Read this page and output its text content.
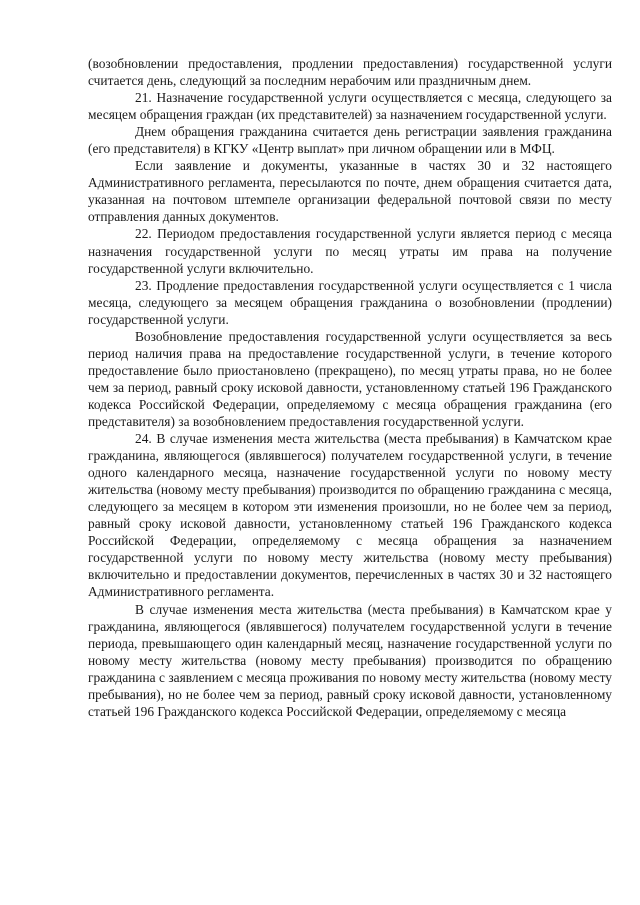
(возобновлении предоставления, продлении предоставления) государственной услуги считается день, следующий за последним нерабочим или праздничным днем.

21. Назначение государственной услуги осуществляется с месяца, следующего за месяцем обращения граждан (их представителей) за назначением государственной услуги.

Днем обращения гражданина считается день регистрации заявления гражданина (его представителя) в КГКУ «Центр выплат» при личном обращении или в МФЦ.

Если заявление и документы, указанные в частях 30 и 32 настоящего Административного регламента, пересылаются по почте, днем обращения считается дата, указанная на почтовом штемпеле организации федеральной почтовой связи по месту отправления данных документов.

22. Периодом предоставления государственной услуги является период с месяца назначения государственной услуги по месяц утраты им права на получение государственной услуги включительно.

23. Продление предоставления государственной услуги осуществляется с 1 числа месяца, следующего за месяцем обращения гражданина о возобновлении (продлении) государственной услуги.

Возобновление предоставления государственной услуги осуществляется за весь период наличия права на предоставление государственной услуги, в течение которого предоставление было приостановлено (прекращено), по месяц утраты права, но не более чем за период, равный сроку исковой давности, установленному статьей 196 Гражданского кодекса Российской Федерации, определяемому с месяца обращения гражданина (его представителя) за возобновлением предоставления государственной услуги.

24. В случае изменения места жительства (места пребывания) в Камчатском крае гражданина, являющегося (являвшегося) получателем государственной услуги, в течение одного календарного месяца, назначение государственной услуги по новому месту жительства (новому месту пребывания) производится по обращению гражданина с месяца, следующего за месяцем в котором эти изменения произошли, но не более чем за период, равный сроку исковой давности, установленному статьей 196 Гражданского кодекса Российской Федерации, определяемому с месяца обращения за назначением государственной услуги по новому месту жительства (новому месту пребывания) включительно и предоставлении документов, перечисленных в частях 30 и 32 настоящего Административного регламента.

В случае изменения места жительства (места пребывания) в Камчатском крае у гражданина, являющегося (являвшегося) получателем государственной услуги в течение периода, превышающего один календарный месяц, назначение государственной услуги по новому месту жительства (новому месту пребывания) производится по обращению гражданина с заявлением с месяца проживания по новому месту жительства (новому месту пребывания), но не более чем за период, равный сроку исковой давности, установленному статьей 196 Гражданского кодекса Российской Федерации, определяемому с месяца
